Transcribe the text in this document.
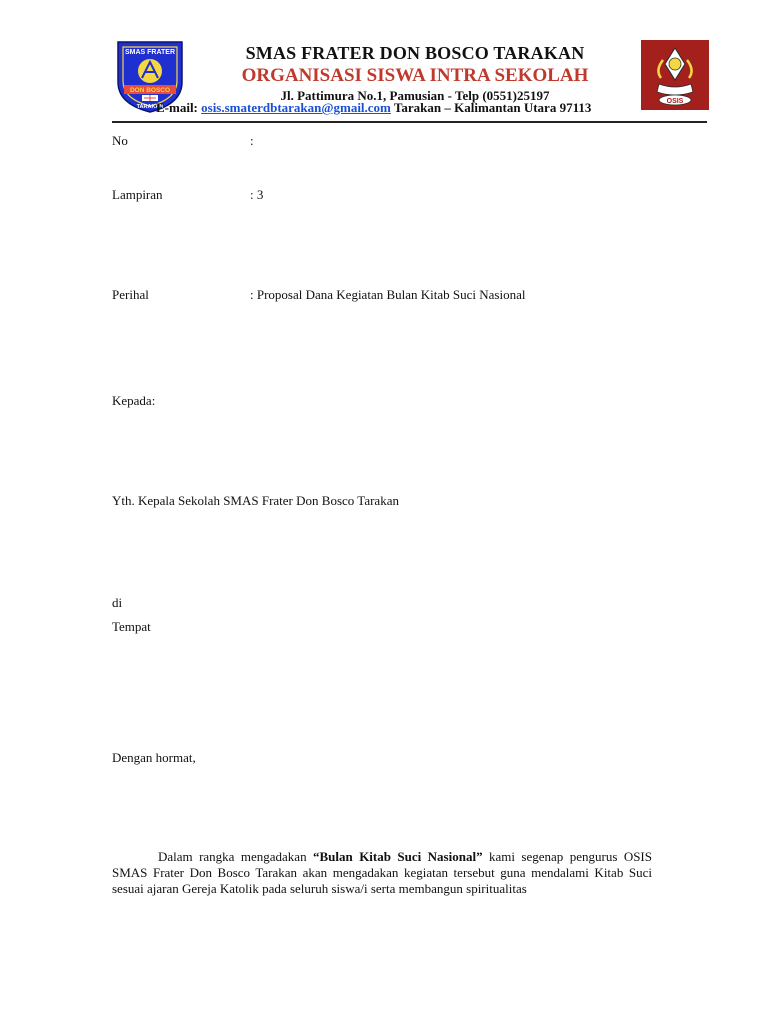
SMAS FRATER
DON BOSCO
TARAKAN
SMAS FRATER DON BOSCO TARAKAN
ORGANISASI SISWA INTRA SEKOLAH
Jl. Pattimura No.1, Pamusian - Telp (0551)25197
E-mail: osis.smaterdbtarakan@gmail.com Tarakan – Kalimantan Utara 97113	OSIS
No	:
Lampiran	: 3
Perihal	: Proposal Dana Kegiatan Bulan Kitab Suci Nasional
Kepada:
Yth. Kepala Sekolah SMAS Frater Don Bosco Tarakan
di
Tempat
Dengan hormat,
Dalam rangka mengadakan “Bulan Kitab Suci Nasional” kami segenap pengurus OSIS SMAS Frater Don Bosco Tarakan akan mengadakan kegiatan tersebut guna mendalami Kitab Suci sesuai ajaran Gereja Katolik pada seluruh siswa/i serta membangun spiritualitas
